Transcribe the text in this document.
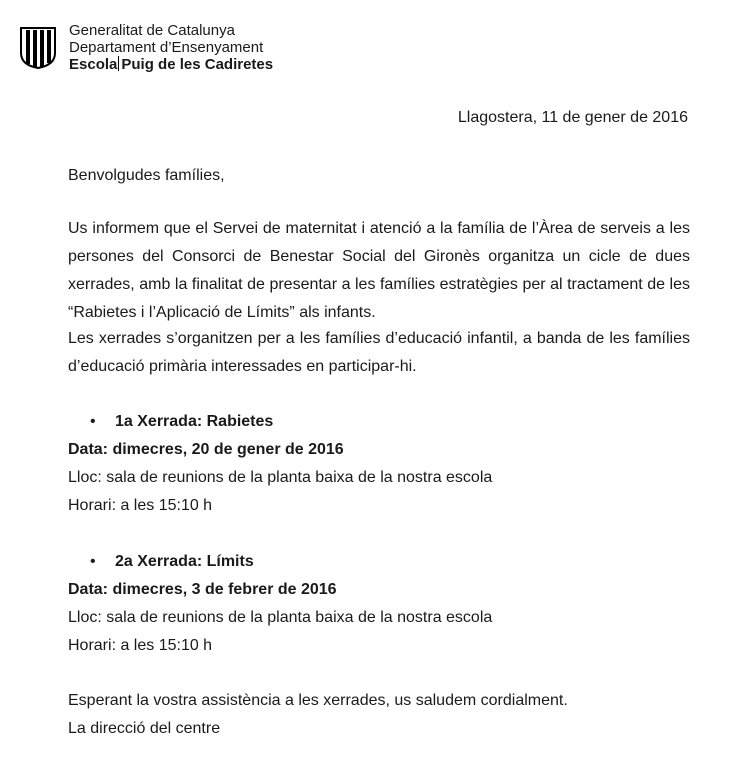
Generalitat de Catalunya
Departament d’Ensenyament
Escola Puig de les Cadiretes
Llagostera, 11 de gener de 2016
Benvolgudes famílies,
Us informem que el Servei de maternitat i atenció a la família de l’Àrea de serveis a les persones del Consorci de Benestar Social del Gironès organitza un cicle de dues xerrades, amb la finalitat de presentar a les famílies estratègies per al tractament de les “Rabietes i l’Aplicació de Límits” als infants.
Les xerrades s’organitzen per a les famílies d’educació infantil, a banda de les famílies d’educació primària interessades en participar-hi.
• 1a Xerrada: Rabietes
Data: dimecres, 20 de gener de 2016
Lloc: sala de reunions de la planta baixa de la nostra escola
Horari: a les 15:10 h
• 2a Xerrada: Límits
Data: dimecres, 3 de febrer de 2016
Lloc: sala de reunions de la planta baixa de la nostra escola
Horari: a les 15:10 h
Esperant la vostra assistència a les xerrades, us saludem cordialment.
La direcció del centre
